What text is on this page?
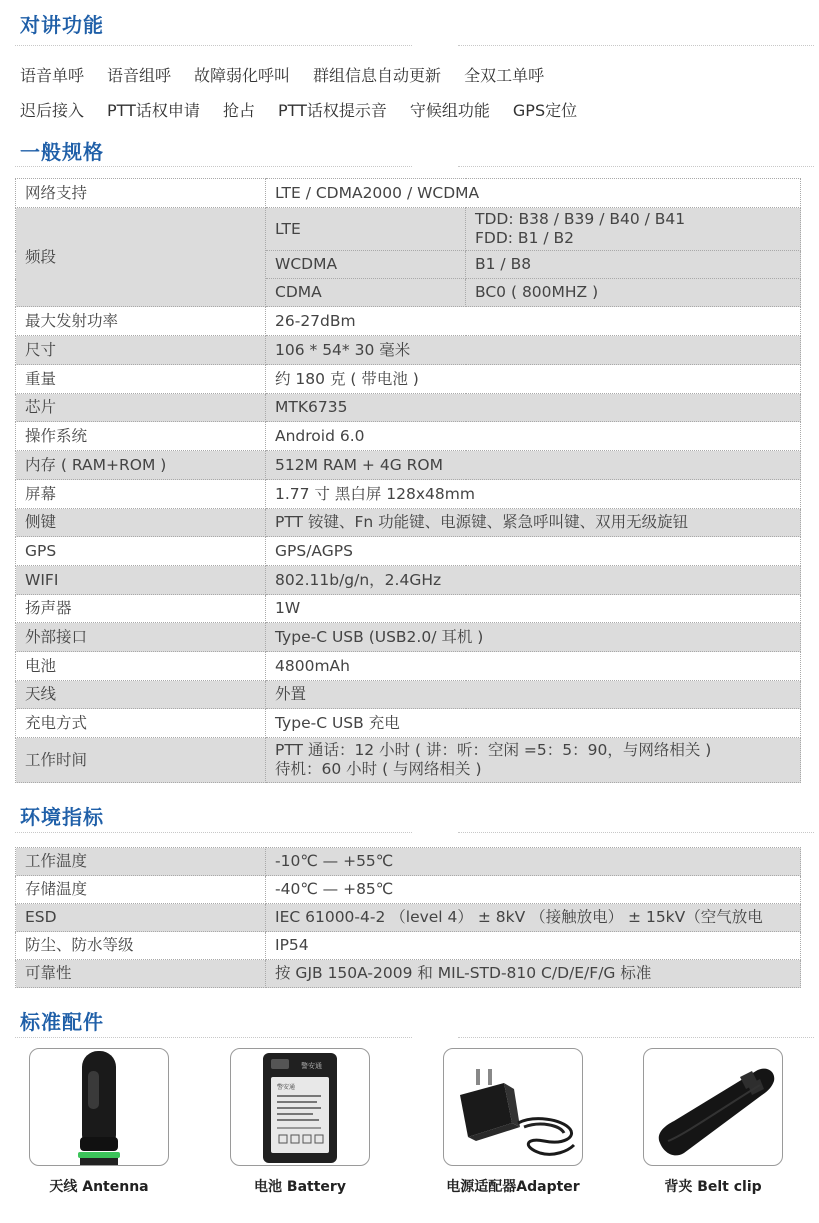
对讲功能
语音单呼 语音组呼 故障弱化呼叫 群组信息自动更新 全双工单呼
迟后接入 PTT话权申请 抢占 PTT话权提示音 守候组功能 GPS定位
一般规格
网络支持	LTE / CDMA2000 / WCDMA	
频段	LTE	TDD: B38 / B39 / B40 / B41
FDD: B1 / B2

	WCDMA	B1 / B8
	CDMA	BC0 ( 800MHZ )
最大发射功率	26-27dBm	
尺寸	106 * 54* 30 毫米	
重量	约 180 克 ( 带电池 )	
芯片	MTK6735	
操作系统	Android 6.0	
内存 ( RAM+ROM )	512M RAM + 4G ROM	
屏幕	1.77 寸 黑白屏 128x48mm	
侧键	PTT 铵键、Fn 功能键、电源键、紧急呼叫键、双用无级旋钮	
GPS	GPS/AGPS	
WIFI	802.11b/g/n，2.4GHz	
扬声器	1W	
外部接口	Type-C USB (USB2.0/ 耳机 )	
电池	4800mAh	
天线	外置	
充电方式	Type-C USB 充电	
工作时间	PTT 通话：12 小时 ( 讲：听：空闲 =5：5：90，与网络相关 )
待机：60 小时 ( 与网络相关 )	
环境指标
工作温度	-10℃ — +55℃
存储温度	-40℃ — +85℃
ESD	IEC 61000-4-2 （level 4） ± 8kV （接触放电） ± 15kV（空气放电
防尘、防水等级	IP54
可靠性	按 GJB 150A-2009 和 MIL-STD-810 C/D/E/F/G 标准
标准配件
天线 Antenna
警安通
警安通
电池 Battery	电源适配器Adapter	背夹 Belt clip
